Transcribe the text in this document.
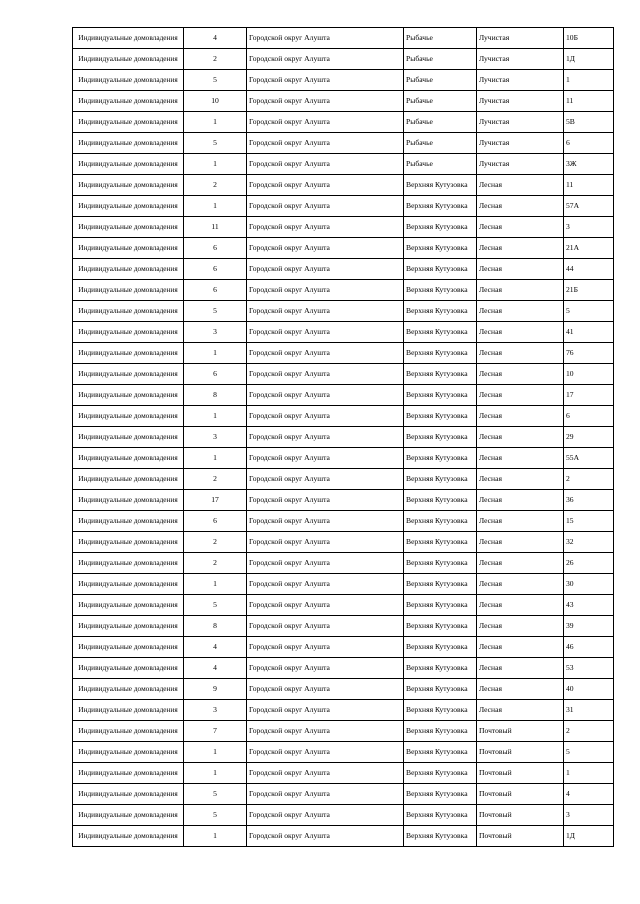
Индивидуальные домовладения	4	Городской округ Алушта	Рыбачье	Лучистая	10Б
Индивидуальные домовладения	2	Городской округ Алушта	Рыбачье	Лучистая	1Д
Индивидуальные домовладения	5	Городской округ Алушта	Рыбачье	Лучистая	1
Индивидуальные домовладения	10	Городской округ Алушта	Рыбачье	Лучистая	11
Индивидуальные домовладения	1	Городской округ Алушта	Рыбачье	Лучистая	5В
Индивидуальные домовладения	5	Городской округ Алушта	Рыбачье	Лучистая	6
Индивидуальные домовладения	1	Городской округ Алушта	Рыбачье	Лучистая	3Ж
Индивидуальные домовладения	2	Городской округ Алушта	Верхняя Кутузовка	Лесная	11
Индивидуальные домовладения	1	Городской округ Алушта	Верхняя Кутузовка	Лесная	57А
Индивидуальные домовладения	11	Городской округ Алушта	Верхняя Кутузовка	Лесная	3
Индивидуальные домовладения	6	Городской округ Алушта	Верхняя Кутузовка	Лесная	21А
Индивидуальные домовладения	6	Городской округ Алушта	Верхняя Кутузовка	Лесная	44
Индивидуальные домовладения	6	Городской округ Алушта	Верхняя Кутузовка	Лесная	21Б
Индивидуальные домовладения	5	Городской округ Алушта	Верхняя Кутузовка	Лесная	5
Индивидуальные домовладения	3	Городской округ Алушта	Верхняя Кутузовка	Лесная	41
Индивидуальные домовладения	1	Городской округ Алушта	Верхняя Кутузовка	Лесная	76
Индивидуальные домовладения	6	Городской округ Алушта	Верхняя Кутузовка	Лесная	10
Индивидуальные домовладения	8	Городской округ Алушта	Верхняя Кутузовка	Лесная	17
Индивидуальные домовладения	1	Городской округ Алушта	Верхняя Кутузовка	Лесная	6
Индивидуальные домовладения	3	Городской округ Алушта	Верхняя Кутузовка	Лесная	29
Индивидуальные домовладения	1	Городской округ Алушта	Верхняя Кутузовка	Лесная	55А
Индивидуальные домовладения	2	Городской округ Алушта	Верхняя Кутузовка	Лесная	2
Индивидуальные домовладения	17	Городской округ Алушта	Верхняя Кутузовка	Лесная	36
Индивидуальные домовладения	6	Городской округ Алушта	Верхняя Кутузовка	Лесная	15
Индивидуальные домовладения	2	Городской округ Алушта	Верхняя Кутузовка	Лесная	32
Индивидуальные домовладения	2	Городской округ Алушта	Верхняя Кутузовка	Лесная	26
Индивидуальные домовладения	1	Городской округ Алушта	Верхняя Кутузовка	Лесная	30
Индивидуальные домовладения	5	Городской округ Алушта	Верхняя Кутузовка	Лесная	43
Индивидуальные домовладения	8	Городской округ Алушта	Верхняя Кутузовка	Лесная	39
Индивидуальные домовладения	4	Городской округ Алушта	Верхняя Кутузовка	Лесная	46
Индивидуальные домовладения	4	Городской округ Алушта	Верхняя Кутузовка	Лесная	53
Индивидуальные домовладения	9	Городской округ Алушта	Верхняя Кутузовка	Лесная	40
Индивидуальные домовладения	3	Городской округ Алушта	Верхняя Кутузовка	Лесная	31
Индивидуальные домовладения	7	Городской округ Алушта	Верхняя Кутузовка	Почтовый	2
Индивидуальные домовладения	1	Городской округ Алушта	Верхняя Кутузовка	Почтовый	5
Индивидуальные домовладения	1	Городской округ Алушта	Верхняя Кутузовка	Почтовый	1
Индивидуальные домовладения	5	Городской округ Алушта	Верхняя Кутузовка	Почтовый	4
Индивидуальные домовладения	5	Городской округ Алушта	Верхняя Кутузовка	Почтовый	3
Индивидуальные домовладения	1	Городской округ Алушта	Верхняя Кутузовка	Почтовый	1Д
